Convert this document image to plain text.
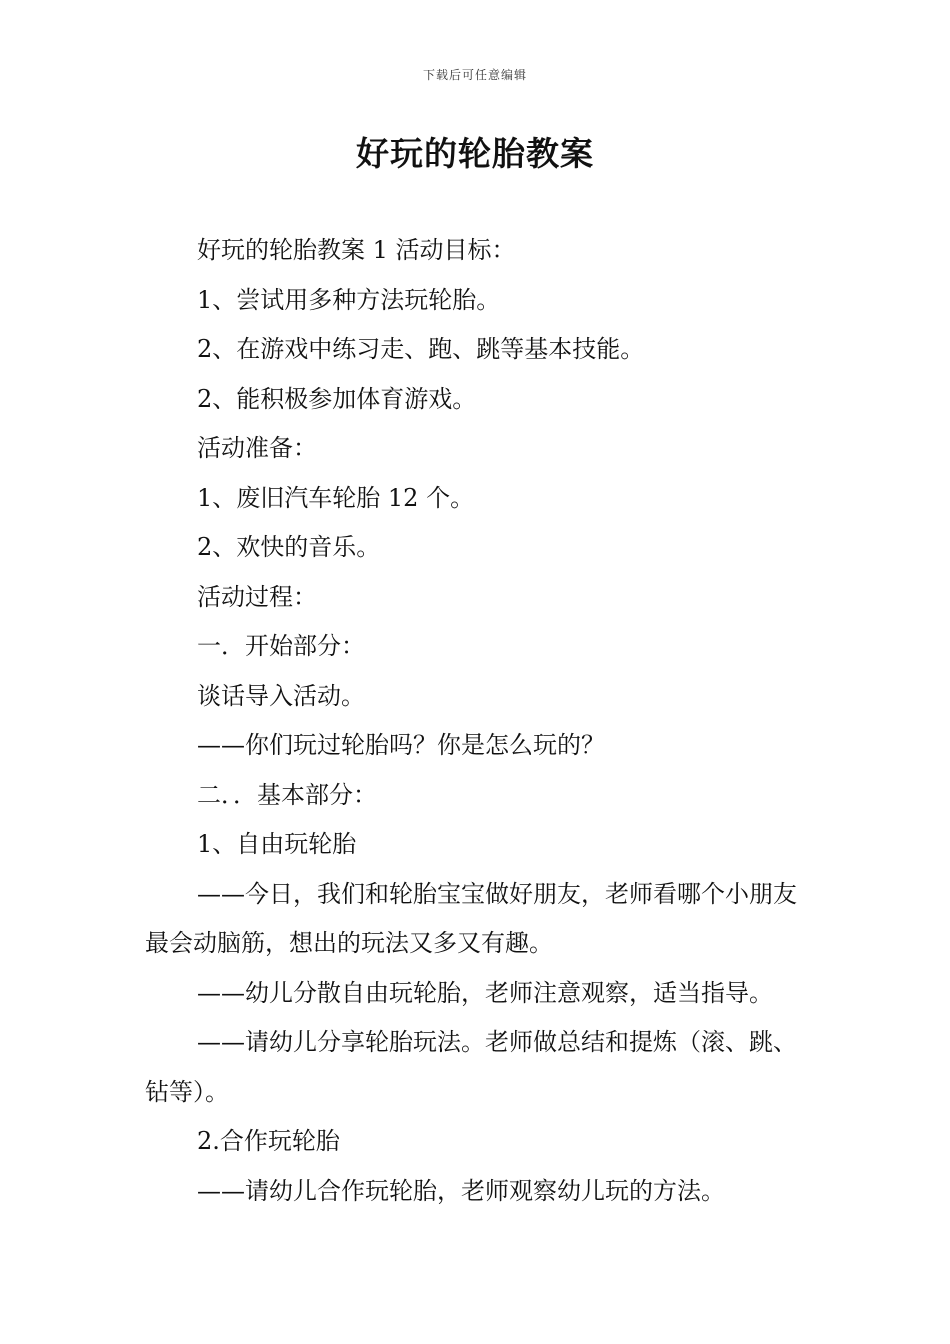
下载后可任意编辑
好玩的轮胎教案

好玩的轮胎教案 1 活动目标：

1、尝试用多种方法玩轮胎。

2、在游戏中练习走、跑、跳等基本技能。

2、能积极参加体育游戏。

活动准备：

1、废旧汽车轮胎 12 个。

2、欢快的音乐。

活动过程：

一．开始部分：

谈话导入活动。

——你们玩过轮胎吗？你是怎么玩的？

二．．基本部分：

1、自由玩轮胎

——今日，我们和轮胎宝宝做好朋友，老师看哪个小朋友最会动脑筋，想出的玩法又多又有趣。

——幼儿分散自由玩轮胎，老师注意观察，适当指导。

——请幼儿分享轮胎玩法。老师做总结和提炼（滚、跳、钻等）。

2.合作玩轮胎

——请幼儿合作玩轮胎，老师观察幼儿玩的方法。
